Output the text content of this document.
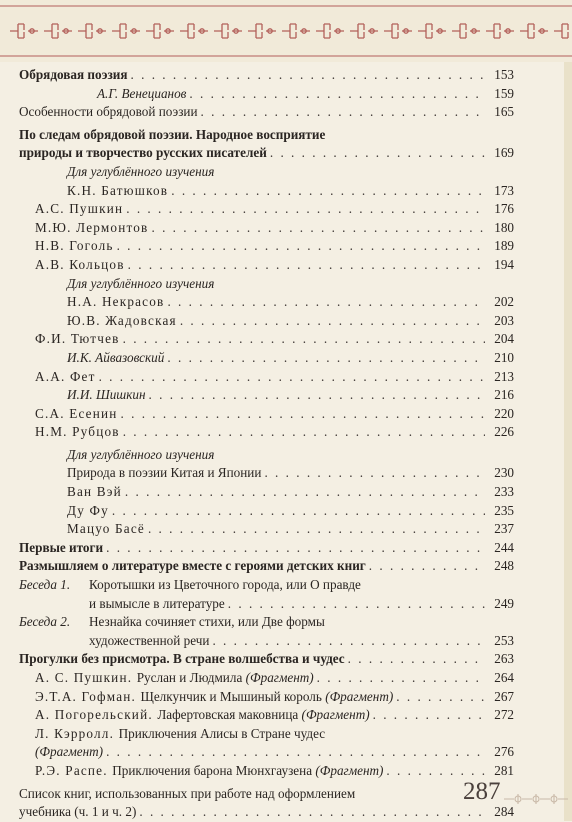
Обрядовая поэзия . . .	153
А.Г. Венецианов . . .	159
Особенности обрядовой поэзии . . .	165
По следам обрядовой поэзии. Народное восприятие
природы и творчество русских писателей . . .	169
Для углублённого изучения
К.Н. Батюшков . . .	173
А.С. Пушкин . . .	176
М.Ю. Лермонтов . . .	180
Н.В. Гоголь . . .	189
А.В. Кольцов . . .	194
Для углублённого изучения
Н.А. Некрасов . . .	202
Ю.В. Жадовская . . .	203
Ф.И. Тютчев . . .	204
И.К. Айвазовский . . .	210
А.А. Фет . . .	213
И.И. Шишкин . . .	216
С.А. Есенин . . .	220
Н.М. Рубцов . . .	226
Для углублённого изучения
Природа в поэзии Китая и Японии . . .	230
Ван Вэй . . .	233
Ду Фу . . .	235
Мацуо Басё . . .	237
Первые итоги . . .	244
Размышляем о литературе вместе с героями детских книг . . .	248
Беседа 1.	Коротышки из Цветочного города, или О правде
и вымысле в литературе . . .	249
Беседа 2.	Незнайка сочиняет стихи, или Две формы
художественной речи . . .	253
Прогулки без присмотра. В стране волшебства и чудес . . .	263
А. С. Пушкин. Руслан и Людмила (Фрагмент) . . .	264
Э.Т.А. Гофман. Щелкунчик и Мышиный король (Фрагмент) . . .	267
А. Погорельский. Лафертовская маковница (Фрагмент) . . .	272
Л. Кэрролл. Приключения Алисы в Стране чудес
(Фрагмент) . . .	276
Р.Э. Распе. Приключения барона Мюнхгаузена (Фрагмент) . . .	281
Список книг, использованных при работе над оформлением
учебника (ч. 1 и ч. 2) . . .	284
287
